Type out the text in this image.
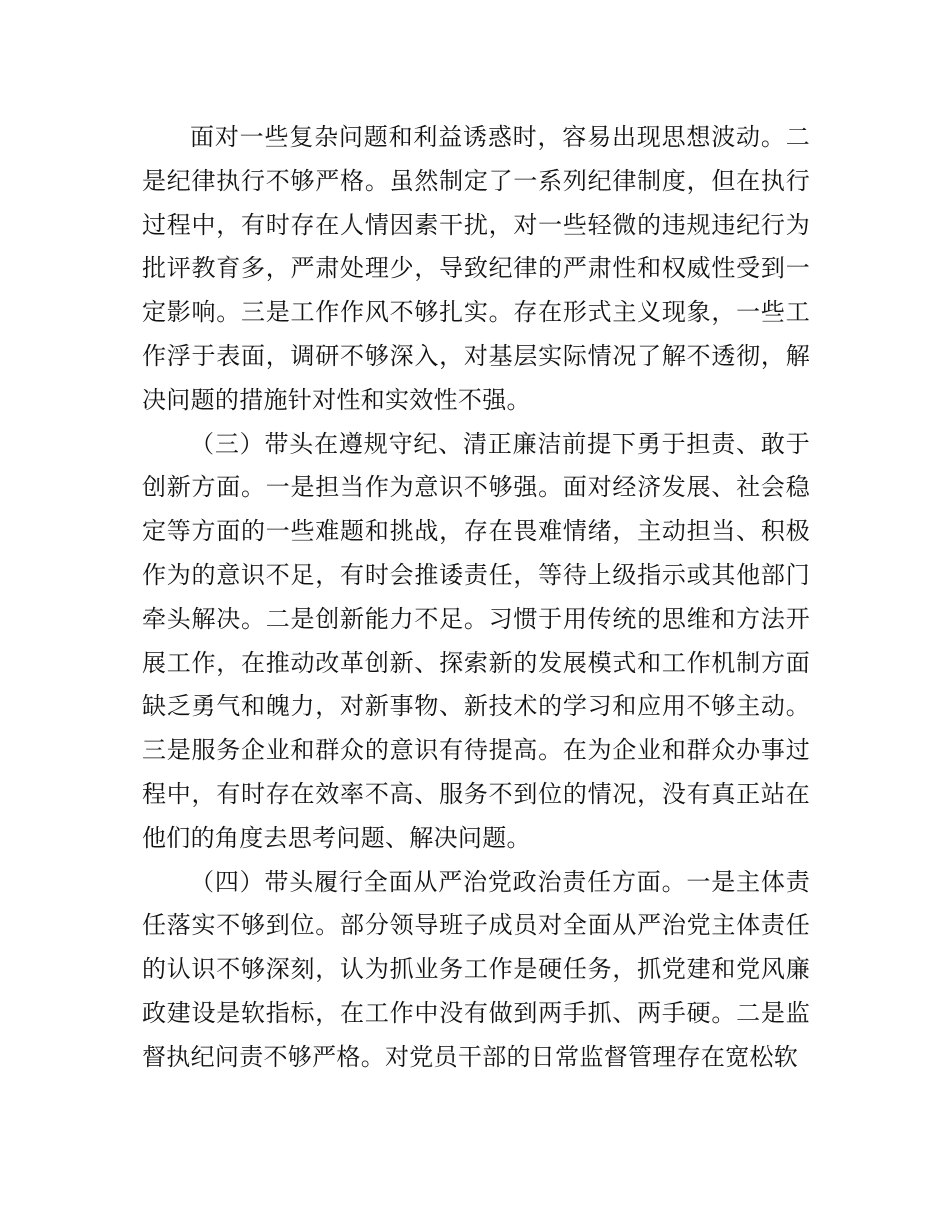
面对一些复杂问题和利益诱惑时，容易出现思想波动。二是纪律执行不够严格。虽然制定了一系列纪律制度，但在执行过程中，有时存在人情因素干扰，对一些轻微的违规违纪行为批评教育多，严肃处理少，导致纪律的严肃性和权威性受到一定影响。三是工作作风不够扎实。存在形式主义现象，一些工作浮于表面，调研不够深入，对基层实际情况了解不透彻，解决问题的措施针对性和实效性不强。

（三）带头在遵规守纪、清正廉洁前提下勇于担责、敢于创新方面。一是担当作为意识不够强。面对经济发展、社会稳定等方面的一些难题和挑战，存在畏难情绪，主动担当、积极作为的意识不足，有时会推诿责任，等待上级指示或其他部门牵头解决。二是创新能力不足。习惯于用传统的思维和方法开展工作，在推动改革创新、探索新的发展模式和工作机制方面缺乏勇气和魄力，对新事物、新技术的学习和应用不够主动。三是服务企业和群众的意识有待提高。在为企业和群众办事过程中，有时存在效率不高、服务不到位的情况，没有真正站在他们的角度去思考问题、解决问题。

（四）带头履行全面从严治党政治责任方面。一是主体责任落实不够到位。部分领导班子成员对全面从严治党主体责任的认识不够深刻，认为抓业务工作是硬任务，抓党建和党风廉政建设是软指标，在工作中没有做到两手抓、两手硬。二是监督执纪问责不够严格。对党员干部的日常监督管理存在宽松软
